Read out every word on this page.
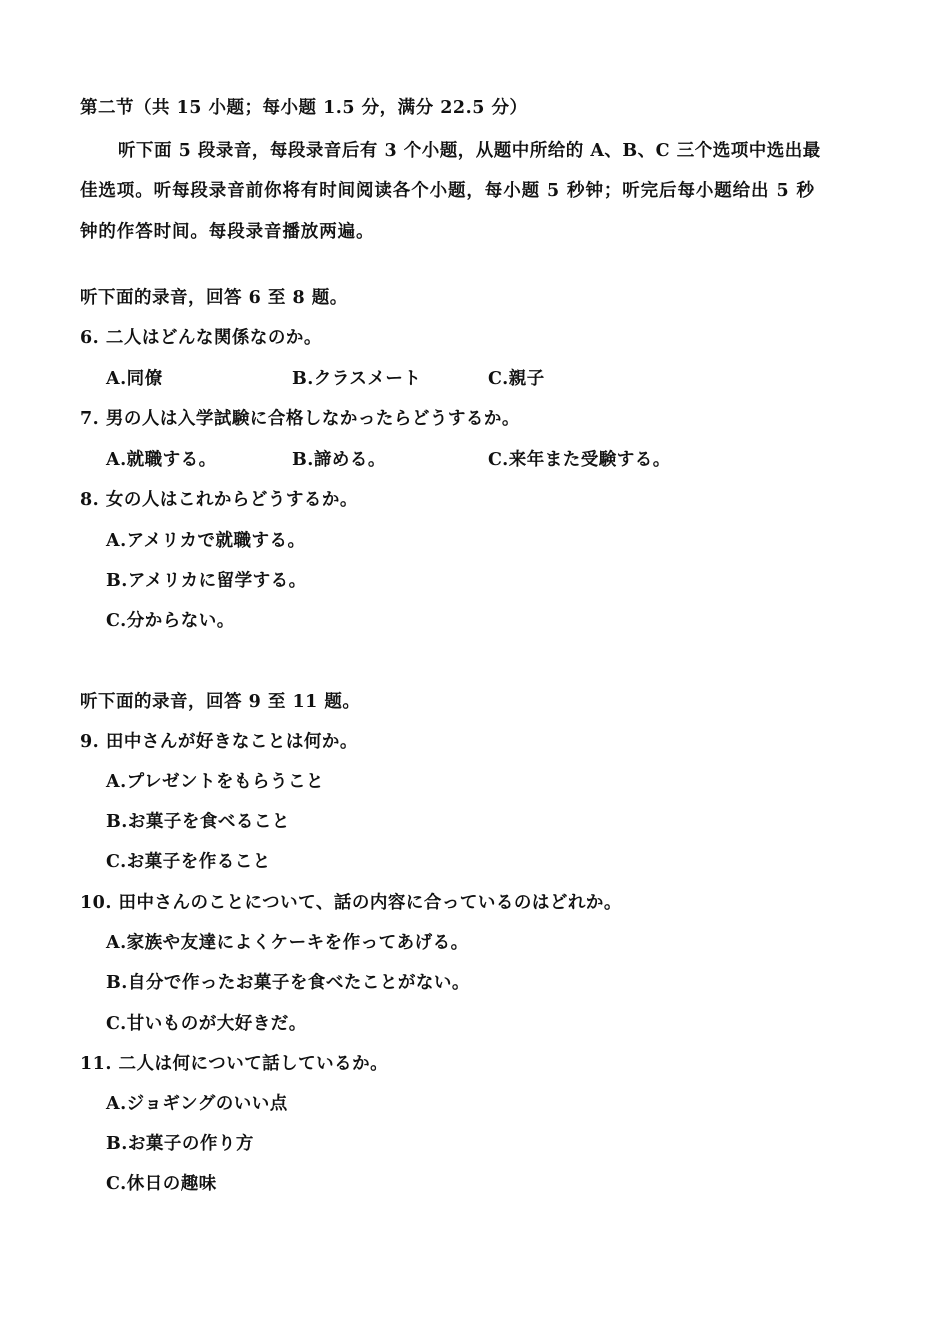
第二节（共 15 小题；每小题 1.5 分，满分 22.5 分）
听下面 5 段录音，每段录音后有 3 个小题，从题中所给的 A、B、C 三个选项中选出最
佳选项。听每段录音前你将有时间阅读各个小题，每小题 5 秒钟；听完后每小题给出 5 秒
钟的作答时间。每段录音播放两遍。
听下面的录音，回答 6 至 8 题。
6. 二人はどんな関係なのか。
A.同僚	B.クラスメート	C.親子
7. 男の人は入学試験に合格しなかったらどうするか。
A.就職する。	B.諦める。	C.来年また受験する。
8. 女の人はこれからどうするか。
A.アメリカで就職する。
B.アメリカに留学する。
C.分からない。
听下面的录音，回答 9 至 11 题。
9. 田中さんが好きなことは何か。
A.プレゼントをもらうこと
B.お菓子を食べること
C.お菓子を作ること
10. 田中さんのことについて、話の内容に合っているのはどれか。
A.家族や友達によくケーキを作ってあげる。
B.自分で作ったお菓子を食べたことがない。
C.甘いものが大好きだ。
11. 二人は何について話しているか。
A.ジョギングのいい点
B.お菓子の作り方
C.休日の趣味
